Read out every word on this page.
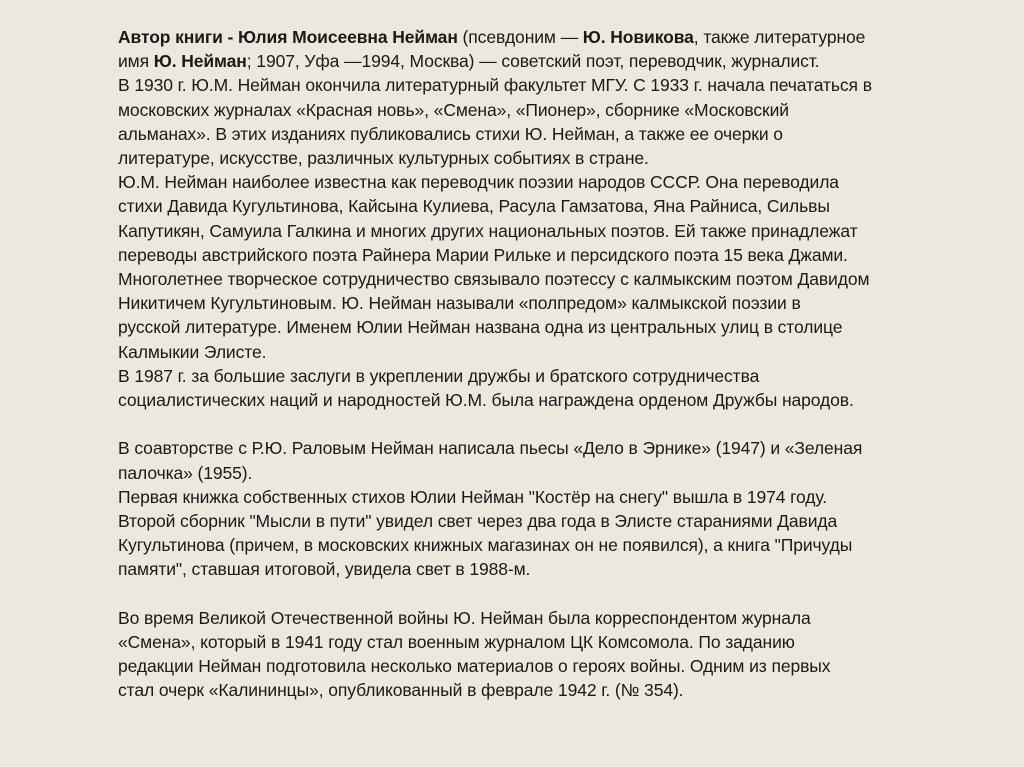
Автор книги - Юлия Моисеевна Нейман (псевдоним — Ю. Новикова, также литературное
имя Ю. Нейман; 1907, Уфа —1994, Москва) — советский поэт, переводчик, журналист.
В 1930 г. Ю.М. Нейман окончила литературный факультет МГУ. С 1933 г. начала печататься в
московских журналах «Красная новь», «Смена», «Пионер», сборнике «Московский
альманах». В этих изданиях публиковались стихи Ю. Нейман, а также ее очерки о
литературе, искусстве, различных культурных событиях в стране.
Ю.М. Нейман наиболее известна как переводчик поэзии народов СССР. Она переводила
стихи Давида Кугультинова, Кайсына Кулиева, Расула Гамзатова, Яна Райниса, Сильвы
Капутикян, Самуила Галкина и многих других национальных поэтов. Ей также принадлежат
переводы австрийского поэта Райнера Марии Рильке и персидского поэта 15 века Джами.
Многолетнее творческое сотрудничество связывало поэтессу с калмыкским поэтом Давидом
Никитичем Кугультиновым. Ю. Нейман называли «полпредом» калмыкской поэзии в
русской литературе. Именем Юлии Нейман названа одна из центральных улиц в столице
Калмыкии Элисте.
В 1987 г. за большие заслуги в укреплении дружбы и братского сотрудничества
социалистических наций и народностей Ю.М. была награждена орденом Дружбы народов.
В соавторстве с Р.Ю. Раловым Нейман написала пьесы «Дело в Эрнике» (1947) и «Зеленая
палочка» (1955).
Первая книжка собственных стихов Юлии Нейман "Костёр на снегу" вышла в 1974 году.
Второй сборник "Мысли в пути" увидел свет через два года в Элисте стараниями Давида
Кугультинова (причем, в московских книжных магазинах он не появился), а книга "Причуды
памяти", ставшая итоговой, увидела свет в 1988-м.
Во время Великой Отечественной войны Ю. Нейман была корреспондентом журнала
«Смена», который в 1941 году стал военным журналом ЦК Комсомола. По заданию
редакции Нейман подготовила несколько материалов о героях войны. Одним из первых
стал очерк «Калининцы», опубликованный в феврале 1942 г. (№ 354).
